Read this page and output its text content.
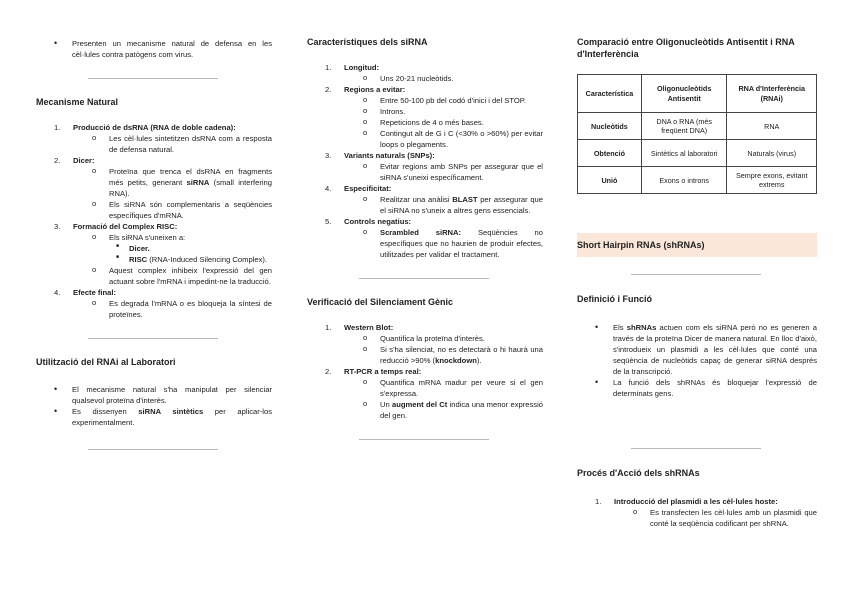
• Presenten un mecanisme natural de defensa en les cèl·lules contra patògens com virus.
Mecanisme Natural
1. Producció de dsRNA (RNA de doble cadena):
o Les cèl·lules sintetitzen dsRNA com a resposta de defensa natural.
2. Dicer:
o Proteïna que trenca el dsRNA en fragments més petits, generant siRNA (small interfering RNA).
o Els siRNA són complementaris a seqüències específiques d'mRNA.
3. Formació del Complex RISC:
o Els siRNA s'uneixen a:
■ Dicer.
■ RISC (RNA-Induced Silencing Complex).
o Aquest complex inhibeix l'expressió del gen actuant sobre l'mRNA i impedint-ne la traducció.
4. Efecte final:
o Es degrada l'mRNA o es bloqueja la síntesi de proteïnes.
Utilització del RNAi al Laboratori
• El mecanisme natural s'ha manipulat per silenciar qualsevol proteïna d'interès.
• Es dissenyen siRNA sintètics per aplicar-los experimentalment.
Característiques dels siRNA
1. Longitud:
o Uns 20-21 nucleòtids.
2. Regions a evitar:
o Entre 50-100 pb del codó d'inici i del STOP.
o Introns.
o Repeticions de 4 o més bases.
o Contingut alt de G i C (<30% o >60%) per evitar loops o plegaments.
3. Variants naturals (SNPs):
o Evitar regions amb SNPs per assegurar que el siRNA s'uneixi específicament.
4. Especificitat:
o Realitzar una anàlisi BLAST per assegurar que el siRNA no s'uneix a altres gens essencials.
5. Controls negatius:
o Scrambled siRNA: Seqüències no específiques que no haurien de produir efectes, utilitzades per validar el tractament.
Verificació del Silenciament Gènic
1. Western Blot:
o Quantifica la proteïna d'interès.
o Si s'ha silenciat, no es detectarà o hi haurà una reducció >90% (knockdown).
2. RT-PCR a temps real:
o Quantifica mRNA madur per veure si el gen s'expressa.
o Un augment del Ct indica una menor expressió del gen.
Comparació entre Oligonucleòtids Antisentit i RNA d'Interferència
Característica	Oligonucleòtids Antisentit	RNA d'Interferència (RNAi)
Nucleòtids	DNA o RNA (més freqüent DNA)	RNA
Obtenció	Sintètics al laboratori	Naturals (virus)
Unió	Exons o introns	Sempre exons, evitant extrems
Short Hairpin RNAs (shRNAs)
Definició i Funció
• Els shRNAs actuen com els siRNA però no es generen a través de la proteïna Dicer de manera natural. En lloc d'això, s'introdueix un plasmidi a les cèl·lules que conté una seqüència de nucleòtids capaç de generar siRNA després de la transcripció.
• La funció dels shRNAs és bloquejar l'expressió de determinats gens.
Procés d'Acció dels shRNAs
1. Introducció del plasmidi a les cèl·lules hoste:
o Es transfecten les cèl·lules amb un plasmidi que conté la seqüència codificant per shRNA.
